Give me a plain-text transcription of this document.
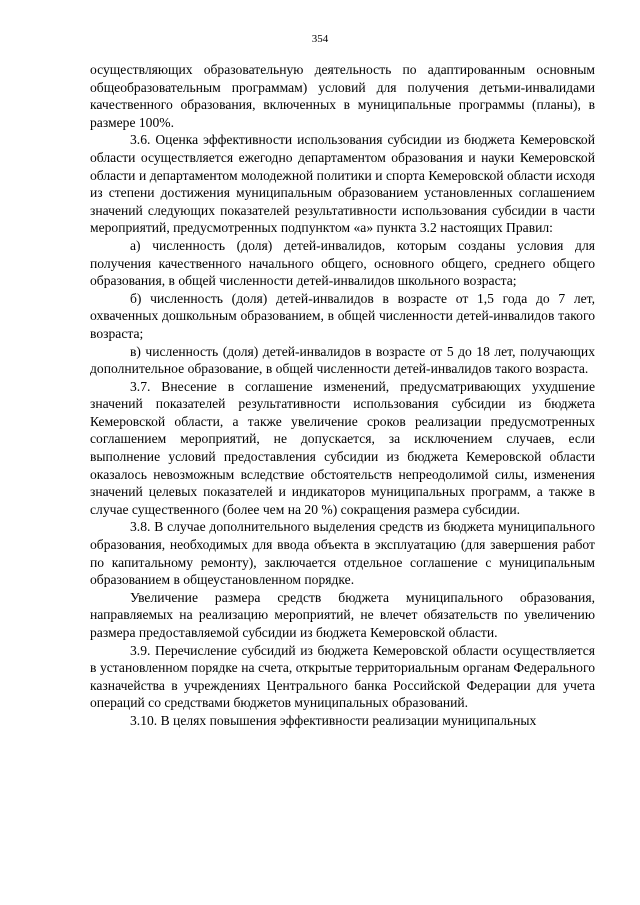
354

осуществляющих образовательную деятельность по адаптированным основным общеобразовательным программам) условий для получения детьми-инвалидами качественного образования, включенных в муниципальные программы (планы), в размере 100%.

3.6. Оценка эффективности использования субсидии из бюджета Кемеровской области осуществляется ежегодно департаментом образования и науки Кемеровской области и департаментом молодежной политики и спорта Кемеровской области исходя из степени достижения муниципальным образованием установленных соглашением значений следующих показателей результативности использования субсидии в части мероприятий, предусмотренных подпунктом «а» пункта 3.2 настоящих Правил:

а) численность (доля) детей-инвалидов, которым созданы условия для получения качественного начального общего, основного общего, среднего общего образования, в общей численности детей-инвалидов школьного возраста;

б) численность (доля) детей-инвалидов в возрасте от 1,5 года до 7 лет, охваченных дошкольным образованием, в общей численности детей-инвалидов такого возраста;

в) численность (доля) детей-инвалидов в возрасте от 5 до 18 лет, получающих дополнительное образование, в общей численности детей-инвалидов такого возраста.

3.7. Внесение в соглашение изменений, предусматривающих ухудшение значений показателей результативности использования субсидии из бюджета Кемеровской области, а также увеличение сроков реализации предусмотренных соглашением мероприятий, не допускается, за исключением случаев, если выполнение условий предоставления субсидии из бюджета Кемеровской области оказалось невозможным вследствие обстоятельств непреодолимой силы, изменения значений целевых показателей и индикаторов муниципальных программ, а также в случае существенного (более чем на 20 %) сокращения размера субсидии.

3.8. В случае дополнительного выделения средств из бюджета муниципального образования, необходимых для ввода объекта в эксплуатацию (для завершения работ по капитальному ремонту), заключается отдельное соглашение с муниципальным образованием в общеустановленном порядке.

Увеличение размера средств бюджета муниципального образования, направляемых на реализацию мероприятий, не влечет обязательств по увеличению размера предоставляемой субсидии из бюджета Кемеровской области.

3.9. Перечисление субсидий из бюджета Кемеровской области осуществляется в установленном порядке на счета, открытые территориальным органам Федерального казначейства в учреждениях Центрального банка Российской Федерации для учета операций со средствами бюджетов муниципальных образований.

3.10. В целях повышения эффективности реализации муниципальных
